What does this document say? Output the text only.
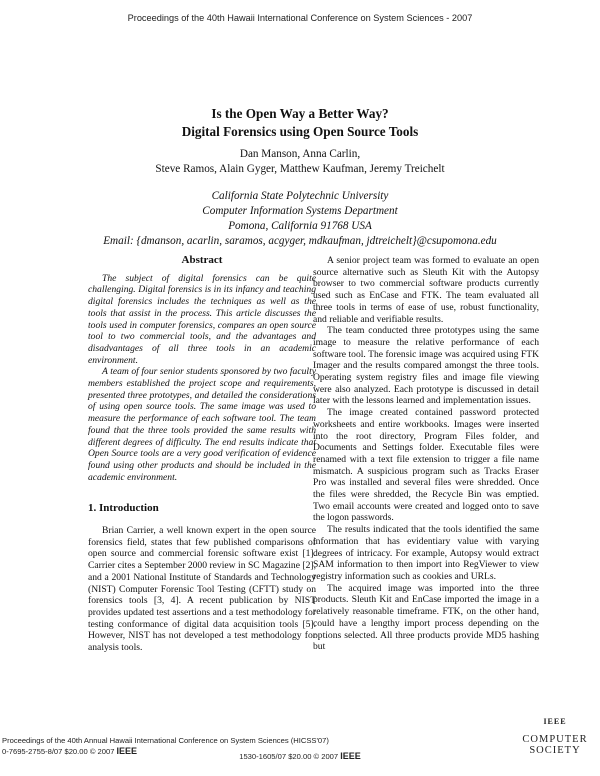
Proceedings of the 40th Hawaii International Conference on System Sciences - 2007
Is the Open Way a Better Way?
Digital Forensics using Open Source Tools
Dan Manson, Anna Carlin,
Steve Ramos, Alain Gyger, Matthew Kaufman, Jeremy Treichelt
California State Polytechnic University
Computer Information Systems Department
Pomona, California 91768 USA
Email: {dmanson, acarlin, saramos, acgyger, mdkaufman, jdtreichelt}@csupomona.edu
Abstract

The subject of digital forensics can be quite challenging. Digital forensics is in its infancy and teaching digital forensics includes the techniques as well as the tools that assist in the process. This article discusses the tools used in computer forensics, compares an open source tool to two commercial tools, and the advantages and disadvantages of all three tools in an academic environment.

A team of four senior students sponsored by two faculty members established the project scope and requirements, presented three prototypes, and detailed the considerations of using open source tools. The same image was used to measure the performance of each software tool. The team found that the three tools provided the same results with different degrees of difficulty. The end results indicate that Open Source tools are a very good verification of evidence found using other products and should be included in the academic environment.

1. Introduction

Brian Carrier, a well known expert in the open source forensics field, states that few published comparisons of open source and commercial forensic software exist [1]. Carrier cites a September 2000 review in SC Magazine [2], and a 2001 National Institute of Standards and Technology (NIST) Computer Forensic Tool Testing (CFTT) study on forensics tools [3, 4]. A recent publication by NIST provides updated test assertions and a test methodology for testing conformance of digital data acquisition tools [5]. However, NIST has not developed a test methodology for analysis tools.

A senior project team was formed to evaluate an open source alternative such as Sleuth Kit with the Autopsy browser to two commercial software products currently used such as EnCase and FTK. The team evaluated all three tools in terms of ease of use, robust functionality, and reliable and verifiable results.

The team conducted three prototypes using the same image to measure the relative performance of each software tool. The forensic image was acquired using FTK Imager and the results compared amongst the three tools. Operating system registry files and image file viewing were also analyzed. Each prototype is discussed in detail later with the lessons learned and implementation issues.

The image created contained password protected worksheets and entire workbooks. Images were inserted into the root directory, Program Files folder, and Documents and Settings folder. Executable files were renamed with a text file extension to trigger a file name mismatch. A suspicious program such as Tracks Eraser Pro was installed and several files were shredded. Once the files were shredded, the Recycle Bin was emptied. Two email accounts were created and logged onto to save the logon passwords.

The results indicated that the tools identified the same information that has evidentiary value with varying degrees of intricacy. For example, Autopsy would extract SAM information to then import into RegViewer to view registry information such as cookies and URLs.

The acquired image was imported into the three products. Sleuth Kit and EnCase imported the image in a relatively reasonable timeframe. FTK, on the other hand, could have a lengthy import process depending on the options selected. All three products provide MD5 hashing but

Proceedings of the 40th Annual Hawaii International Conference on System Sciences (HICSS'07)
0-7695-2755-8/07 $20.00 © 2007 IEEE
1530-1605/07 $20.00 © 2007 IEEE
IEEE
COMPUTER
SOCIETY
